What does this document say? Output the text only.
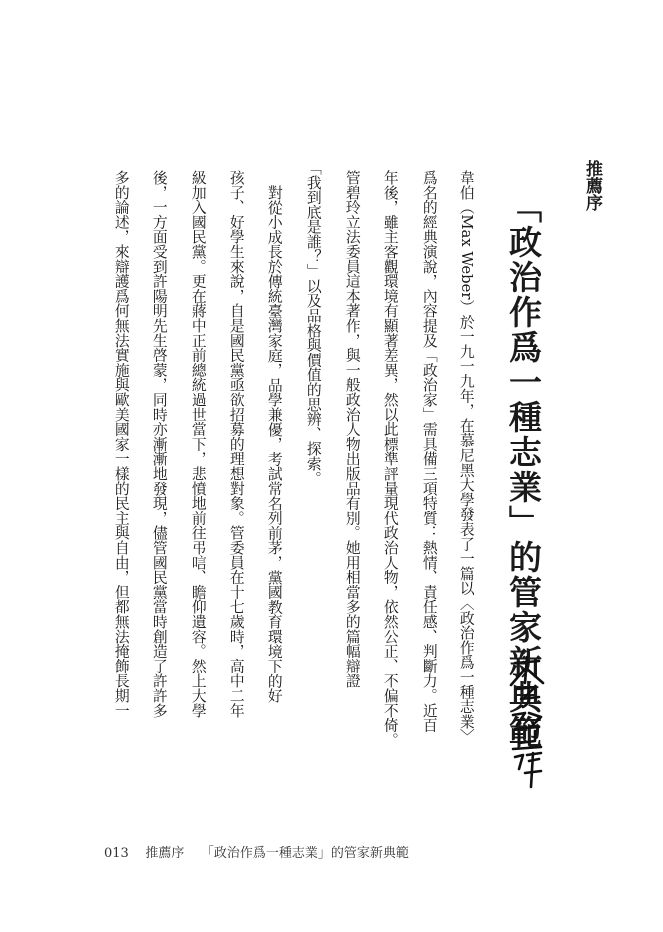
推薦序
「政治作爲一種志業」的管家新典範
韋伯（Max Weber）於一九一九年，在慕尼黑大學發表了一篇以〈政治作爲一種志業〉
爲名的經典演說，內容提及「政治家」需具備三項特質：熱情、責任感、判斷力。近百
年後，雖主客觀環境有顯著差異，然以此標準評量現代政治人物，依然公正、不偏不倚。
管碧玲立法委員這本著作，與一般政治人物出版品有別。她用相當多的篇幅辯證
「我到底是誰？」以及品格與價值的思辨、探索。
對從小成長於傳統臺灣家庭，品學兼優，考試常名列前茅，黨國教育環境下的好
孩子、好學生來說，自是國民黨亟欲招募的理想對象。管委員在十七歲時，高中二年
級加入國民黨。更在蔣中正前總統過世當下，悲憤地前往弔唁、瞻仰遺容。然上大學
後，一方面受到許陽明先生啓蒙，同時亦漸漸地發現，儘管國民黨當時創造了許許多
多的論述，來辯護爲何無法實施與歐美國家一樣的民主與自由，但都無法掩飾長期一
013 推薦序 「政治作爲一種志業」的管家新典範
